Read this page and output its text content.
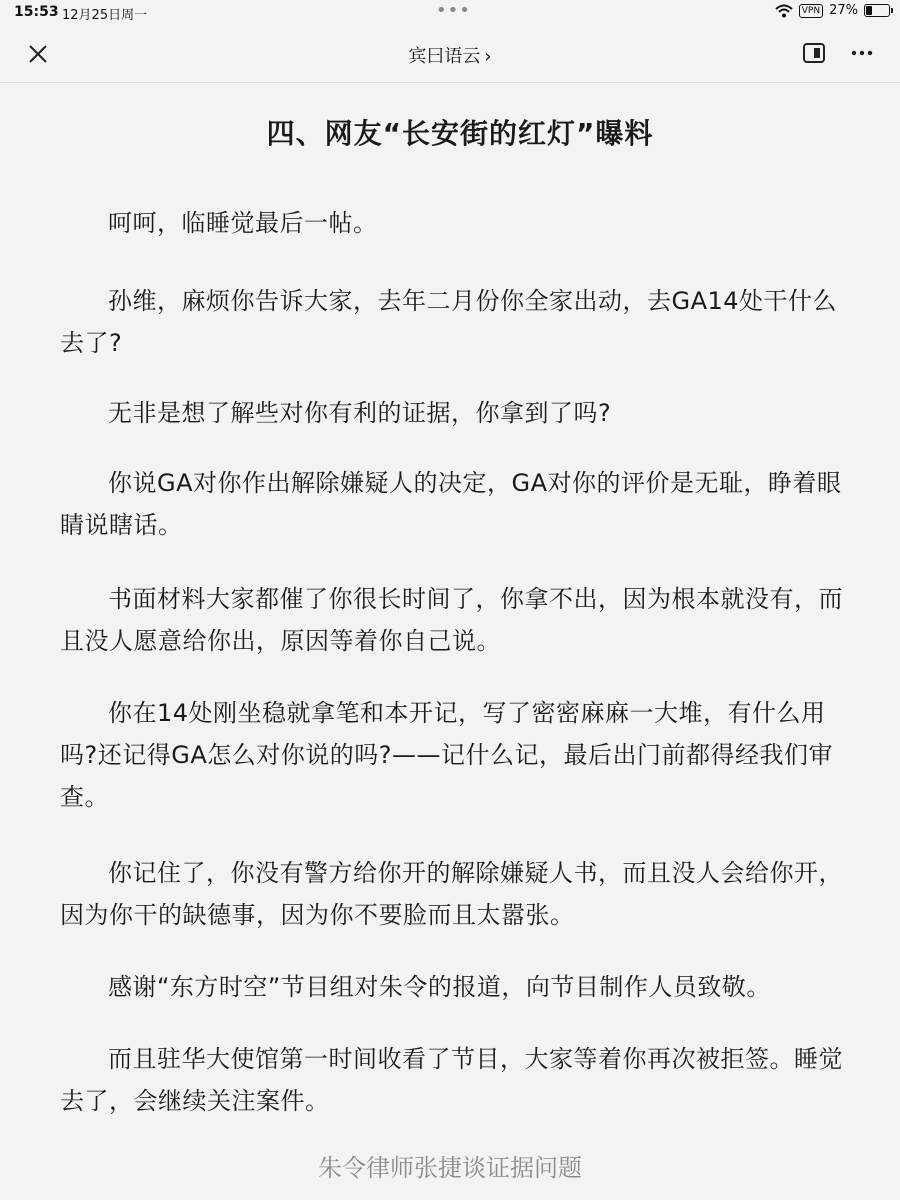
15:53 12月25日周一	•••	VPN 27%
宾曰语云 ›
四、网友“长安街的红灯”曝料

呵呵，临睡觉最后一帖。

孙维，麻烦你告诉大家，去年二月份你全家出动，去GA14处干什么去了?

无非是想了解些对你有利的证据，你拿到了吗?

你说GA对你作出解除嫌疑人的决定，GA对你的评价是无耻，睁着眼睛说瞎话。

书面材料大家都催了你很长时间了，你拿不出，因为根本就没有，而且没人愿意给你出，原因等着你自己说。

你在14处刚坐稳就拿笔和本开记，写了密密麻麻一大堆，有什么用吗?还记得GA怎么对你说的吗?——记什么记，最后出门前都得经我们审查。

你记住了，你没有警方给你开的解除嫌疑人书，而且没人会给你开，因为你干的缺德事，因为你不要脸而且太嚣张。

感谢“东方时空”节目组对朱令的报道，向节目制作人员致敬。

而且驻华大使馆第一时间收看了节目，大家等着你再次被拒签。睡觉去了，会继续关注案件。

朱令律师张捷谈证据问题
